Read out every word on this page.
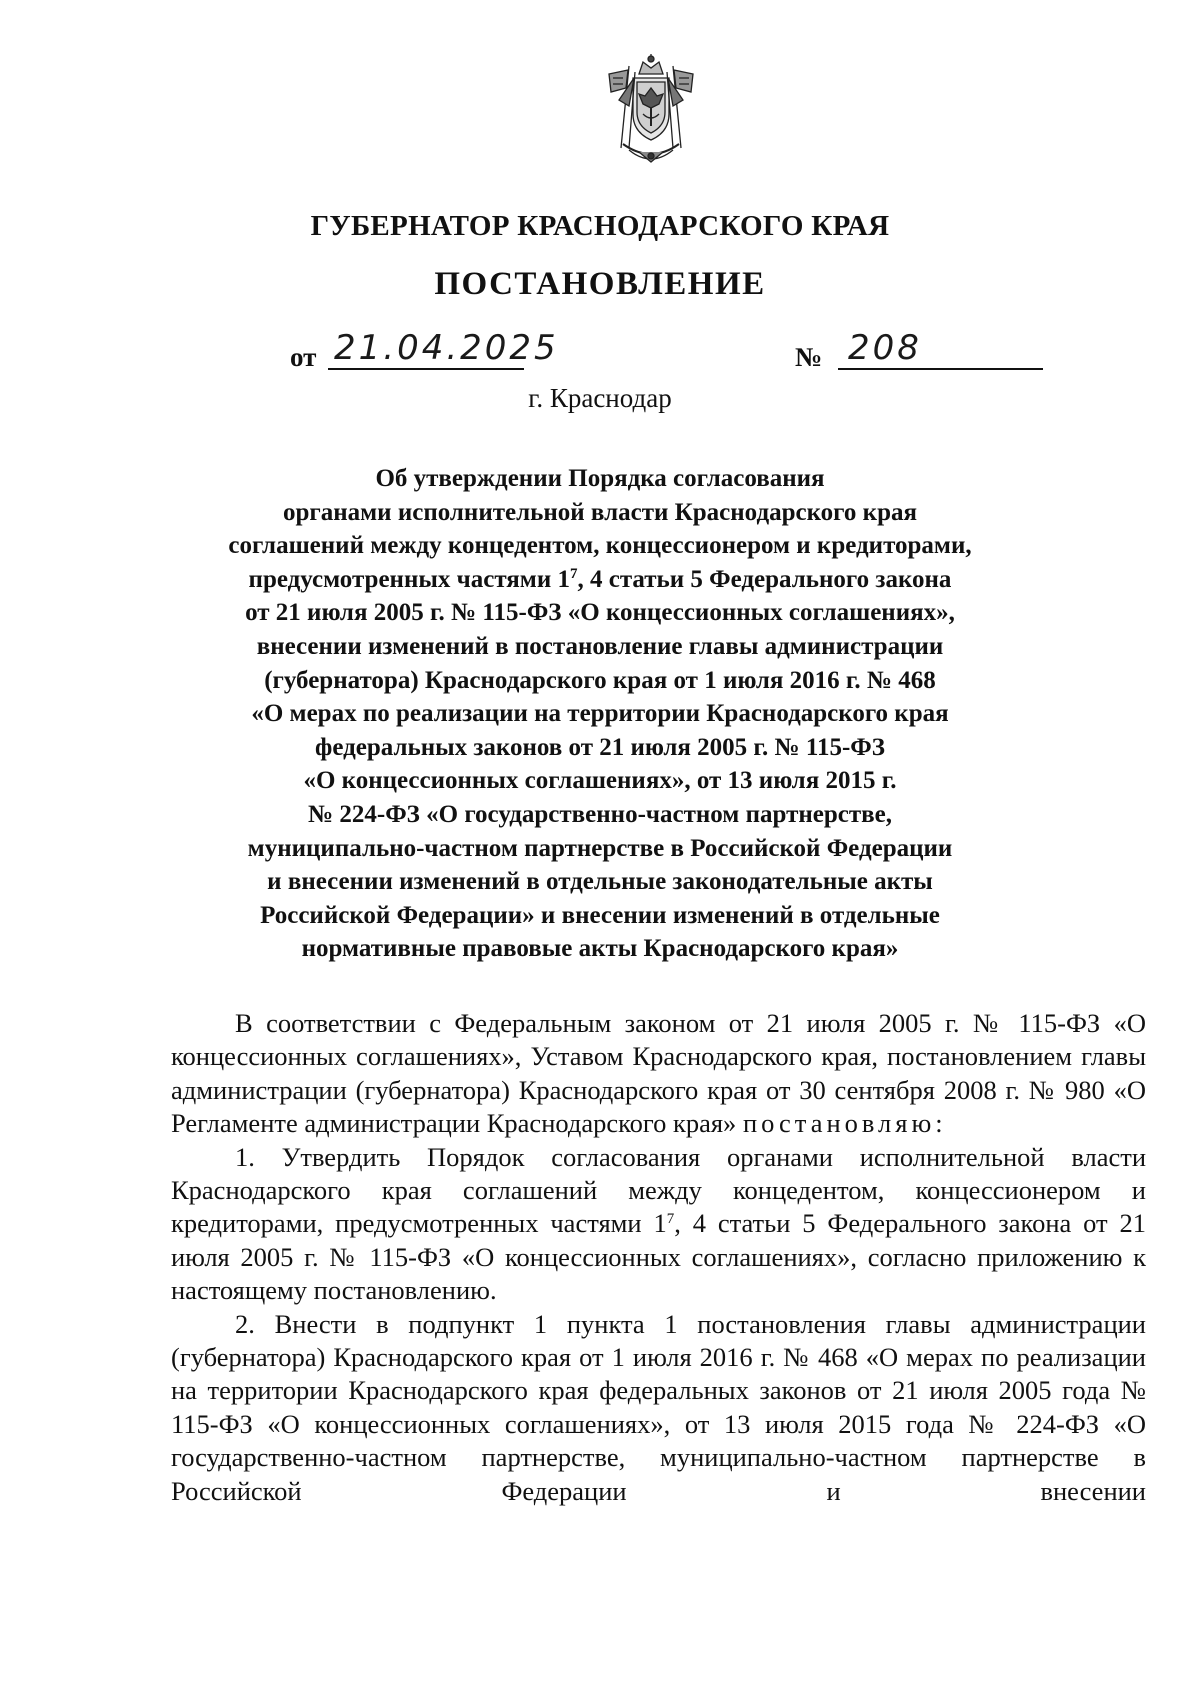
ГУБЕРНАТОР КРАСНОДАРСКОГО КРАЯ
ПОСТАНОВЛЕНИЕ
от 21.04.2025	№ 208
г. Краснодар
Об утверждении Порядка согласования
органами исполнительной власти Краснодарского края
соглашений между концедентом, концессионером и кредиторами,
предусмотренных частями $1^7$, 4 статьи 5 Федерального закона
от 21 июля 2005 г. № 115-ФЗ «О концессионных соглашениях»,
внесении изменений в постановление главы администрации
(губернатора) Краснодарского края от 1 июля 2016 г. № 468
«О мерах по реализации на территории Краснодарского края
федеральных законов от 21 июля 2005 г. № 115-ФЗ
«О концессионных соглашениях», от 13 июля 2015 г.
№ 224-ФЗ «О государственно-частном партнерстве,
муниципально-частном партнерстве в Российской Федерации
и внесении изменений в отдельные законодательные акты
Российской Федерации» и внесении изменений в отдельные
нормативные правовые акты Краснодарского края»

В соответствии с Федеральным законом от 21 июля 2005 г. № 115-ФЗ «О концессионных соглашениях», Уставом Краснодарского края, постановлением главы администрации (губернатора) Краснодарского края от 30 сентября 2008 г. № 980 «О Регламенте администрации Краснодарского края» постановляю:

1. Утвердить Порядок согласования органами исполнительной власти Краснодарского края соглашений между концедентом, концессионером и кредиторами, предусмотренных частями $1^7$, 4 статьи 5 Федерального закона от 21 июля 2005 г. № 115-ФЗ «О концессионных соглашениях», согласно приложению к настоящему постановлению.

2. Внести в подпункт 1 пункта 1 постановления главы администрации (губернатора) Краснодарского края от 1 июля 2016 г. № 468 «О мерах по реализации на территории Краснодарского края федеральных законов от 21 июля 2005 года № 115-ФЗ «О концессионных соглашениях», от 13 июля 2015 года № 224-ФЗ «О государственно-частном партнерстве, муниципально-частном партнерстве в Российской Федерации и внесении
